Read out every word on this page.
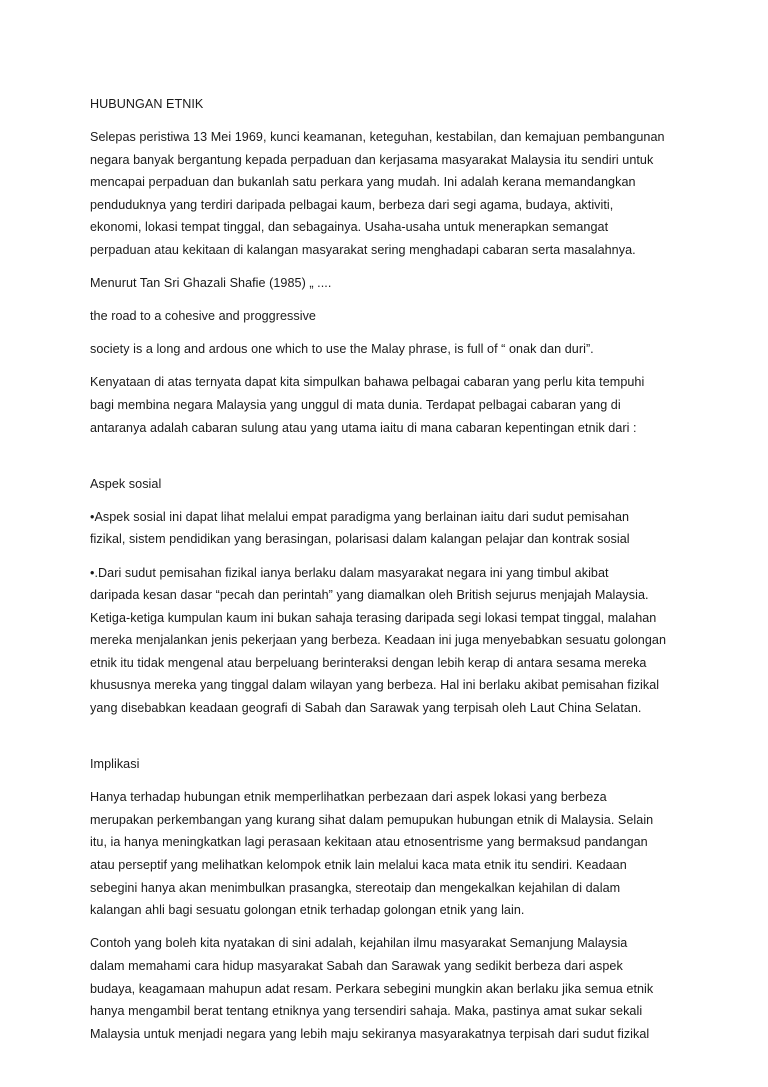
HUBUNGAN ETNIK

Selepas peristiwa 13 Mei 1969, kunci keamanan, keteguhan, kestabilan, dan kemajuan pembangunan
negara banyak bergantung kepada perpaduan dan kerjasama masyarakat Malaysia itu sendiri untuk
mencapai perpaduan dan bukanlah satu perkara yang mudah. Ini adalah kerana memandangkan
penduduknya yang terdiri daripada pelbagai kaum, berbeza dari segi agama, budaya, aktiviti,
ekonomi, lokasi tempat tinggal, dan sebagainya. Usaha-usaha untuk menerapkan semangat
perpaduan atau kekitaan di kalangan masyarakat sering menghadapi cabaran serta masalahnya.

Menurut Tan Sri Ghazali Shafie (1985) „ ....

the road to a cohesive and proggressive

society is a long and ardous one which to use the Malay phrase, is full of “ onak dan duri”.

Kenyataan di atas ternyata dapat kita simpulkan bahawa pelbagai cabaran yang perlu kita tempuhi
bagi membina negara Malaysia yang unggul di mata dunia. Terdapat pelbagai cabaran yang di
antaranya adalah cabaran sulung atau yang utama iaitu di mana cabaran kepentingan etnik dari :

Aspek sosial

•Aspek sosial ini dapat lihat melalui empat paradigma yang berlainan iaitu dari sudut pemisahan
fizikal, sistem pendidikan yang berasingan, polarisasi dalam kalangan pelajar dan kontrak sosial

•.Dari sudut pemisahan fizikal ianya berlaku dalam masyarakat negara ini yang timbul akibat
daripada kesan dasar “pecah dan perintah” yang diamalkan oleh British sejurus menjajah Malaysia.
Ketiga-ketiga kumpulan kaum ini bukan sahaja terasing daripada segi lokasi tempat tinggal, malahan
mereka menjalankan jenis pekerjaan yang berbeza. Keadaan ini juga menyebabkan sesuatu golongan
etnik itu tidak mengenal atau berpeluang berinteraksi dengan lebih kerap di antara sesama mereka
khususnya mereka yang tinggal dalam wilayan yang berbeza. Hal ini berlaku akibat pemisahan fizikal
yang disebabkan keadaan geografi di Sabah dan Sarawak yang terpisah oleh Laut China Selatan.

Implikasi

Hanya terhadap hubungan etnik memperlihatkan perbezaan dari aspek lokasi yang berbeza
merupakan perkembangan yang kurang sihat dalam pemupukan hubungan etnik di Malaysia. Selain
itu, ia hanya meningkatkan lagi perasaan kekitaan atau etnosentrisme yang bermaksud pandangan
atau perseptif yang melihatkan kelompok etnik lain melalui kaca mata etnik itu sendiri. Keadaan
sebegini hanya akan menimbulkan prasangka, stereotaip dan mengekalkan kejahilan di dalam
kalangan ahli bagi sesuatu golongan etnik terhadap golongan etnik yang lain.

Contoh yang boleh kita nyatakan di sini adalah, kejahilan ilmu masyarakat Semanjung Malaysia
dalam memahami cara hidup masyarakat Sabah dan Sarawak yang sedikit berbeza dari aspek
budaya, keagamaan mahupun adat resam. Perkara sebegini mungkin akan berlaku jika semua etnik
hanya mengambil berat tentang etniknya yang tersendiri sahaja. Maka, pastinya amat sukar sekali
Malaysia untuk menjadi negara yang lebih maju sekiranya masyarakatnya terpisah dari sudut fizikal
